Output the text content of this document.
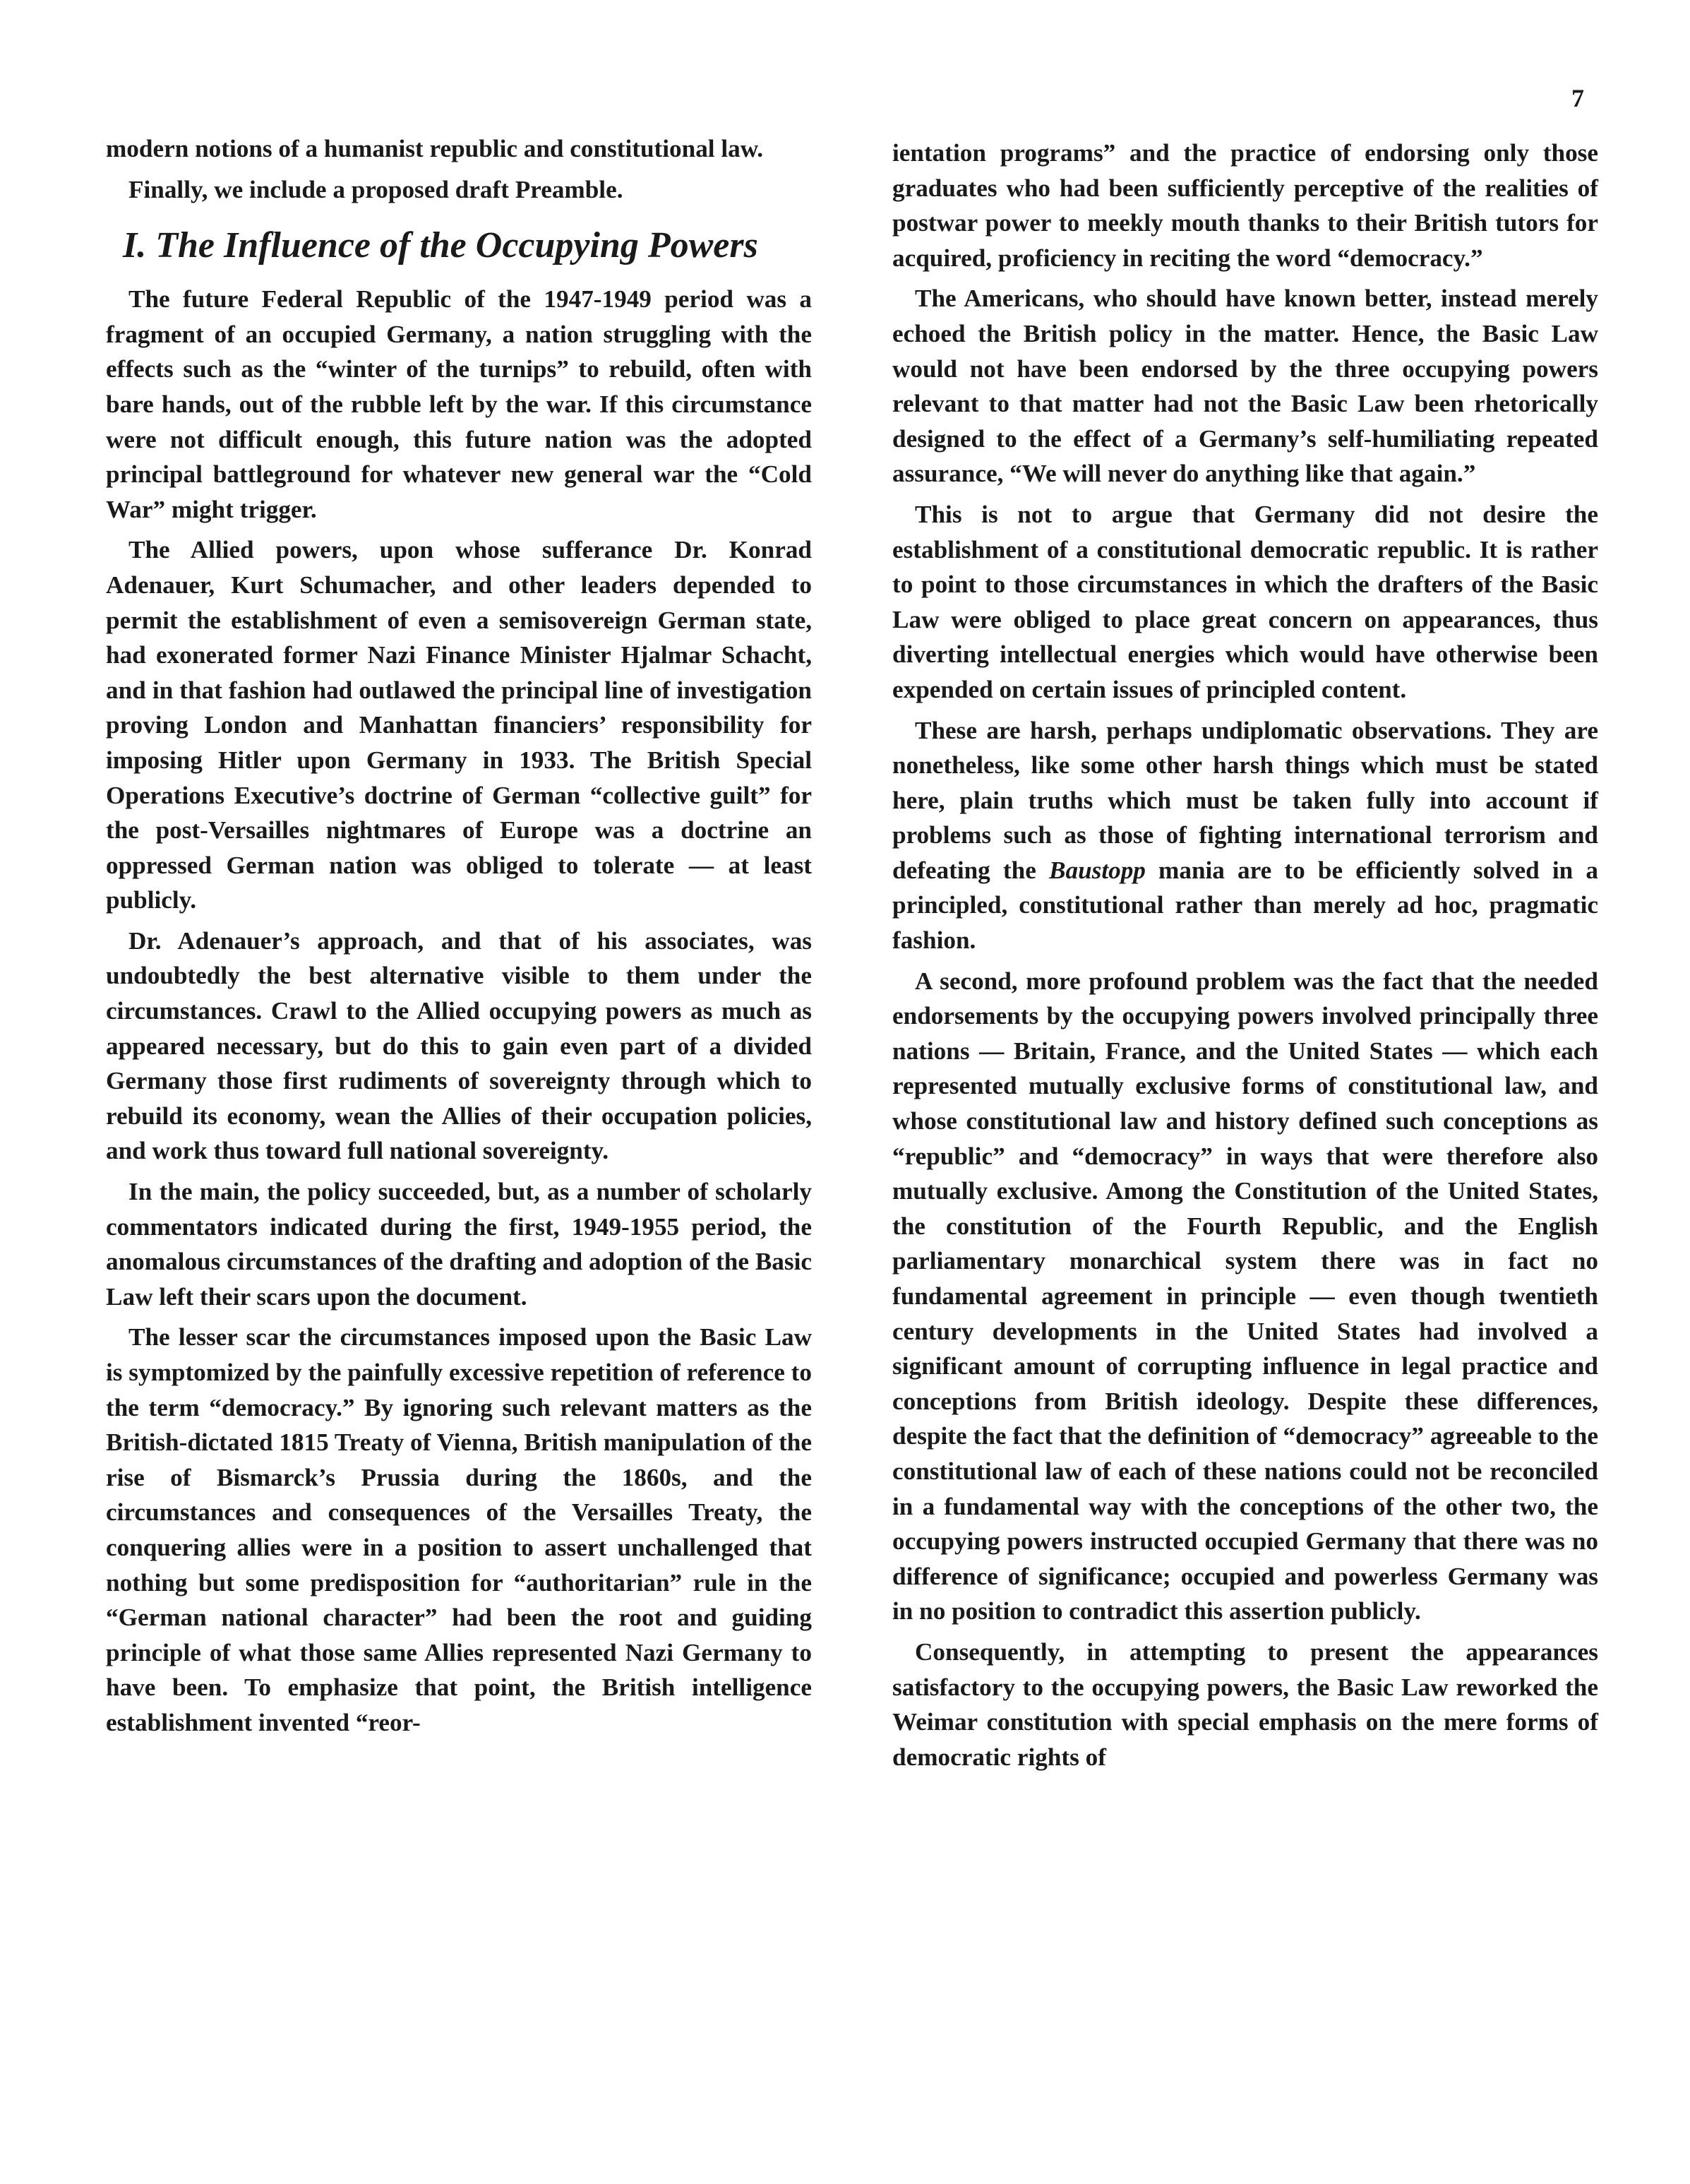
7

modern notions of a humanist republic and constitutional law.

Finally, we include a proposed draft Preamble.

I. The Influence of the Occupying Powers

The future Federal Republic of the 1947-1949 period was a fragment of an occupied Germany, a nation struggling with the effects such as the “winter of the turnips” to rebuild, often with bare hands, out of the rubble left by the war. If this circumstance were not difficult enough, this future nation was the adopted principal battleground for whatever new general war the “Cold War” might trigger.

The Allied powers, upon whose sufferance Dr. Konrad Adenauer, Kurt Schumacher, and other leaders depended to permit the establishment of even a semisovereign German state, had exonerated former Nazi Finance Minister Hjalmar Schacht, and in that fashion had outlawed the principal line of investigation proving London and Manhattan financiers’ responsibility for imposing Hitler upon Germany in 1933. The British Special Operations Executive’s doctrine of German “collective guilt” for the post-Versailles nightmares of Europe was a doctrine an oppressed German nation was obliged to tolerate — at least publicly.

Dr. Adenauer’s approach, and that of his associates, was undoubtedly the best alternative visible to them under the circumstances. Crawl to the Allied occupying powers as much as appeared necessary, but do this to gain even part of a divided Germany those first rudiments of sovereignty through which to rebuild its economy, wean the Allies of their occupation policies, and work thus toward full national sovereignty.

In the main, the policy succeeded, but, as a number of scholarly commentators indicated during the first, 1949-1955 period, the anomalous circumstances of the drafting and adoption of the Basic Law left their scars upon the document.

The lesser scar the circumstances imposed upon the Basic Law is symptomized by the painfully excessive repetition of reference to the term “democracy.” By ignoring such relevant matters as the British-dictated 1815 Treaty of Vienna, British manipulation of the rise of Bismarck’s Prussia during the 1860s, and the circumstances and consequences of the Versailles Treaty, the conquering allies were in a position to assert unchallenged that nothing but some predisposition for “authoritarian” rule in the “German national character” had been the root and guiding principle of what those same Allies represented Nazi Germany to have been. To emphasize that point, the British intelligence establishment invented “reor-

ientation programs” and the practice of endorsing only those graduates who had been sufficiently perceptive of the realities of postwar power to meekly mouth thanks to their British tutors for acquired, proficiency in reciting the word “democracy.”

The Americans, who should have known better, instead merely echoed the British policy in the matter. Hence, the Basic Law would not have been endorsed by the three occupying powers relevant to that matter had not the Basic Law been rhetorically designed to the effect of a Germany’s self-humiliating repeated assurance, “We will never do anything like that again.”

This is not to argue that Germany did not desire the establishment of a constitutional democratic republic. It is rather to point to those circumstances in which the drafters of the Basic Law were obliged to place great concern on appearances, thus diverting intellectual energies which would have otherwise been expended on certain issues of principled content.

These are harsh, perhaps undiplomatic observations. They are nonetheless, like some other harsh things which must be stated here, plain truths which must be taken fully into account if problems such as those of fighting international terrorism and defeating the Baustopp mania are to be efficiently solved in a principled, constitutional rather than merely ad hoc, pragmatic fashion.

A second, more profound problem was the fact that the needed endorsements by the occupying powers involved principally three nations — Britain, France, and the United States — which each represented mutually exclusive forms of constitutional law, and whose constitutional law and history defined such conceptions as “republic” and “democracy” in ways that were therefore also mutually exclusive. Among the Constitution of the United States, the constitution of the Fourth Republic, and the English parliamentary monarchical system there was in fact no fundamental agreement in principle — even though twentieth century developments in the United States had involved a significant amount of corrupting influence in legal practice and conceptions from British ideology. Despite these differences, despite the fact that the definition of “democracy” agreeable to the constitutional law of each of these nations could not be reconciled in a fundamental way with the conceptions of the other two, the occupying powers instructed occupied Germany that there was no difference of significance; occupied and powerless Germany was in no position to contradict this assertion publicly.

Consequently, in attempting to present the appearances satisfactory to the occupying powers, the Basic Law reworked the Weimar constitution with special emphasis on the mere forms of democratic rights of
